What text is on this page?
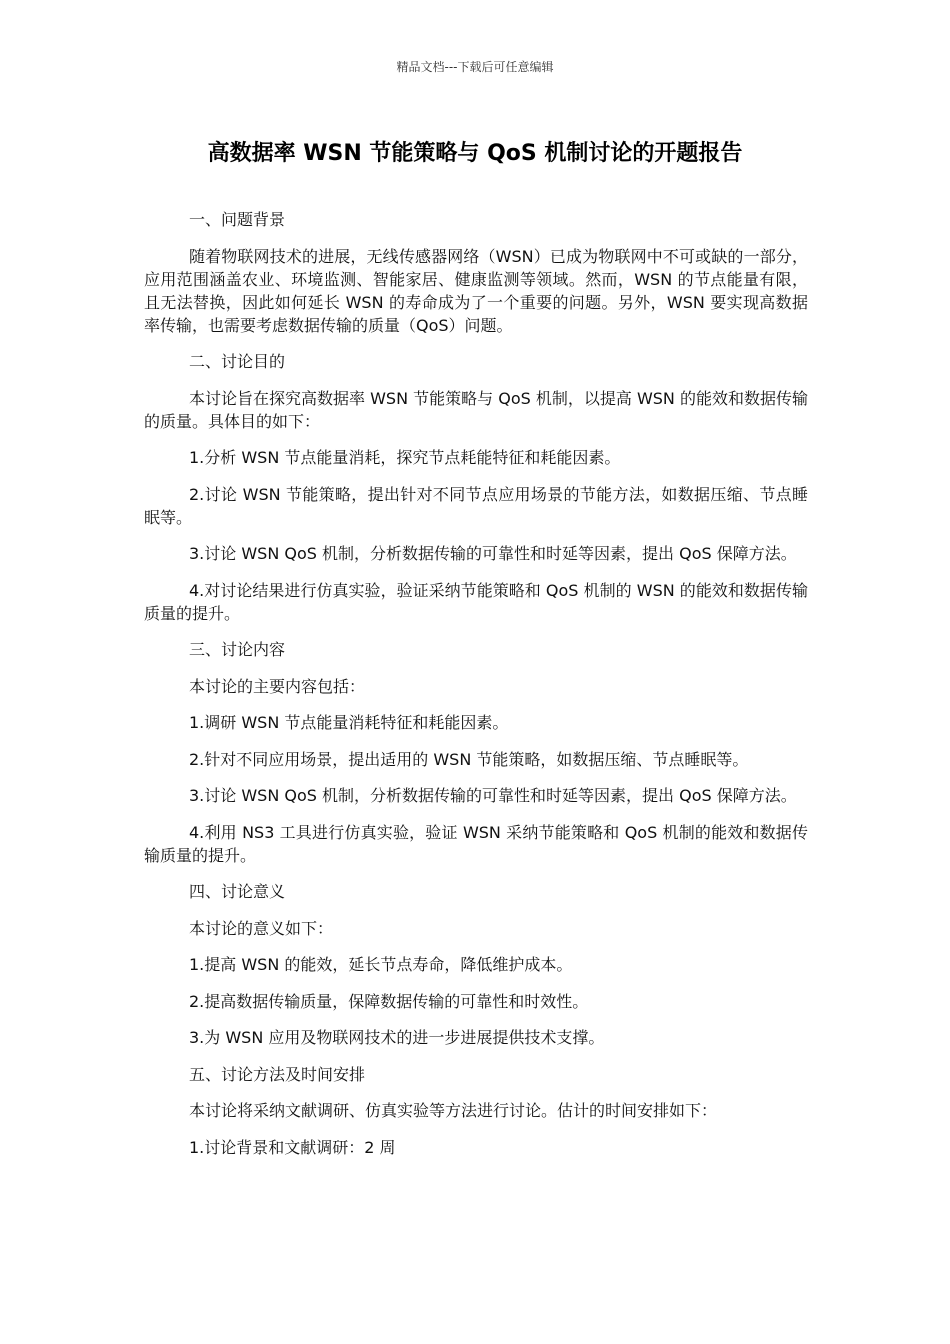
精品文档---下载后可任意编辑
高数据率 WSN 节能策略与 QoS 机制讨论的开题报告

一、问题背景

随着物联网技术的进展，无线传感器网络（WSN）已成为物联网中不可或缺的一部分，应用范围涵盖农业、环境监测、智能家居、健康监测等领域。然而，WSN 的节点能量有限，且无法替换，因此如何延长 WSN 的寿命成为了一个重要的问题。另外，WSN 要实现高数据率传输，也需要考虑数据传输的质量（QoS）问题。

二、讨论目的

本讨论旨在探究高数据率 WSN 节能策略与 QoS 机制，以提高 WSN 的能效和数据传输的质量。具体目的如下：

1.分析 WSN 节点能量消耗，探究节点耗能特征和耗能因素。

2.讨论 WSN 节能策略，提出针对不同节点应用场景的节能方法，如数据压缩、节点睡眠等。

3.讨论 WSN QoS 机制，分析数据传输的可靠性和时延等因素，提出 QoS 保障方法。

4.对讨论结果进行仿真实验，验证采纳节能策略和 QoS 机制的 WSN 的能效和数据传输质量的提升。

三、讨论内容

本讨论的主要内容包括：

1.调研 WSN 节点能量消耗特征和耗能因素。

2.针对不同应用场景，提出适用的 WSN 节能策略，如数据压缩、节点睡眠等。

3.讨论 WSN QoS 机制，分析数据传输的可靠性和时延等因素，提出 QoS 保障方法。

4.利用 NS3 工具进行仿真实验，验证 WSN 采纳节能策略和 QoS 机制的能效和数据传输质量的提升。

四、讨论意义

本讨论的意义如下：

1.提高 WSN 的能效，延长节点寿命，降低维护成本。

2.提高数据传输质量，保障数据传输的可靠性和时效性。

3.为 WSN 应用及物联网技术的进一步进展提供技术支撑。

五、讨论方法及时间安排

本讨论将采纳文献调研、仿真实验等方法进行讨论。估计的时间安排如下：

1.讨论背景和文献调研：2 周
